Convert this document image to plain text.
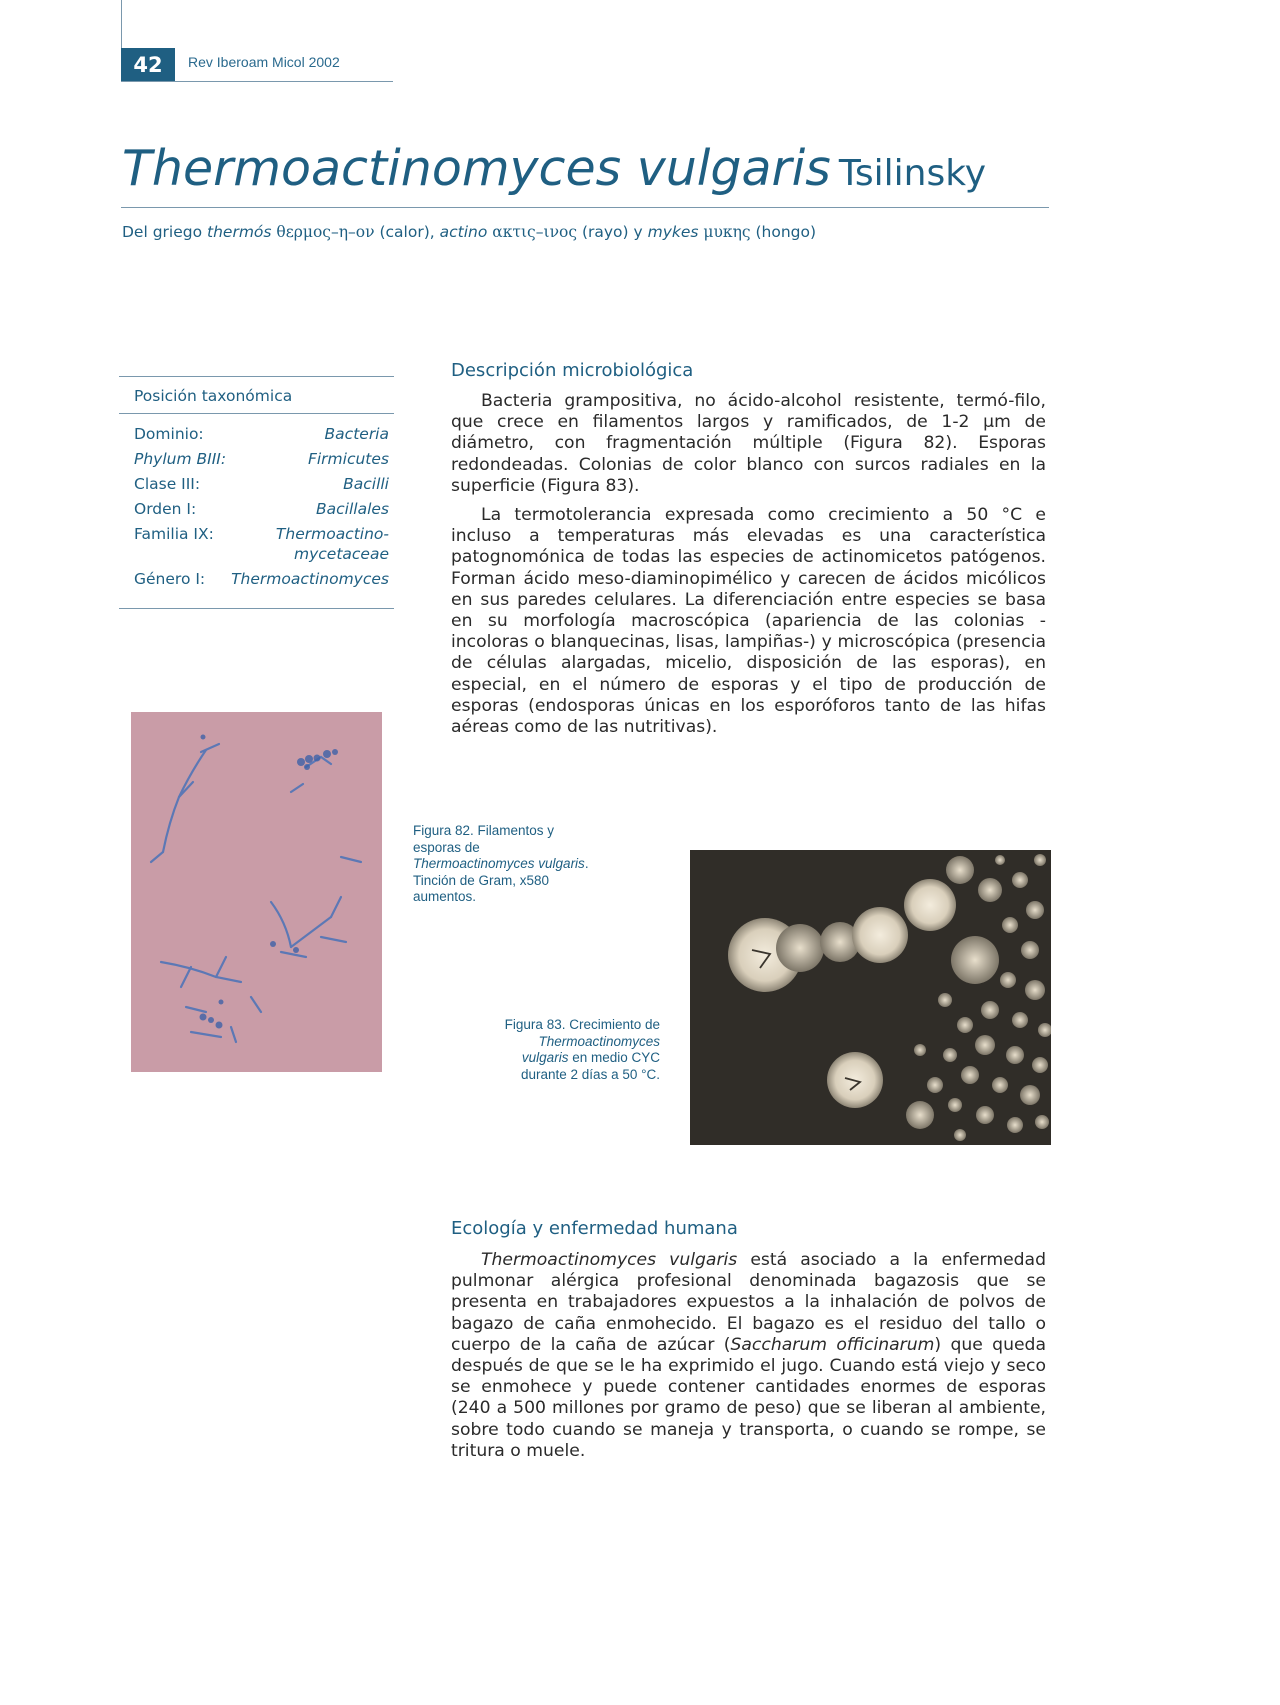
42	Rev Iberoam Micol 2002
Thermoactinomyces vulgaris Tsilinsky
Del griego thermós θερμος–η–ον (calor), actino ακτις–ινος (rayo) y mykes μυκης (hongo)
Posición taxonómica
Dominio:	Bacteria
Phylum BIII:	Firmicutes
Clase III:	Bacilli
Orden I:	Bacillales
Familia IX:	Thermoactino-mycetaceae
Género I: Thermoactinomyces
Descripción microbiológica

Bacteria grampositiva, no ácido-alcohol resistente, termó-filo, que crece en filamentos largos y ramificados, de 1-2 µm de diámetro, con fragmentación múltiple (Figura 82). Esporas redondeadas. Colonias de color blanco con surcos radiales en la superficie (Figura 83).

La termotolerancia expresada como crecimiento a 50 °C e incluso a temperaturas más elevadas es una característica patognomónica de todas las especies de actinomicetos patógenos. Forman ácido meso-diaminopimélico y carecen de ácidos micólicos en sus paredes celulares. La diferenciación entre especies se basa en su morfología macroscópica (apariencia de las colonias - incoloras o blanquecinas, lisas, lampiñas-) y microscópica (presencia de células alargadas, micelio, disposición de las esporas), en especial, en el número de esporas y el tipo de producción de esporas (endosporas únicas en los esporóforos tanto de las hifas aéreas como de las nutritivas).

Figura 82. Filamentos y esporas de Thermoactinomyces vulgaris. Tinción de Gram, x580 aumentos.
Figura 83. Crecimiento de Thermoactinomyces vulgaris en medio CYC durante 2 días a 50 °C.
Ecología y enfermedad humana

Thermoactinomyces vulgaris está asociado a la enfermedad pulmonar alérgica profesional denominada bagazosis que se presenta en trabajadores expuestos a la inhalación de polvos de bagazo de caña enmohecido. El bagazo es el residuo del tallo o cuerpo de la caña de azúcar (Saccharum officinarum) que queda después de que se le ha exprimido el jugo. Cuando está viejo y seco se enmohece y puede contener cantidades enormes de esporas (240 a 500 millones por gramo de peso) que se liberan al ambiente, sobre todo cuando se maneja y transporta, o cuando se rompe, se tritura o muele.
